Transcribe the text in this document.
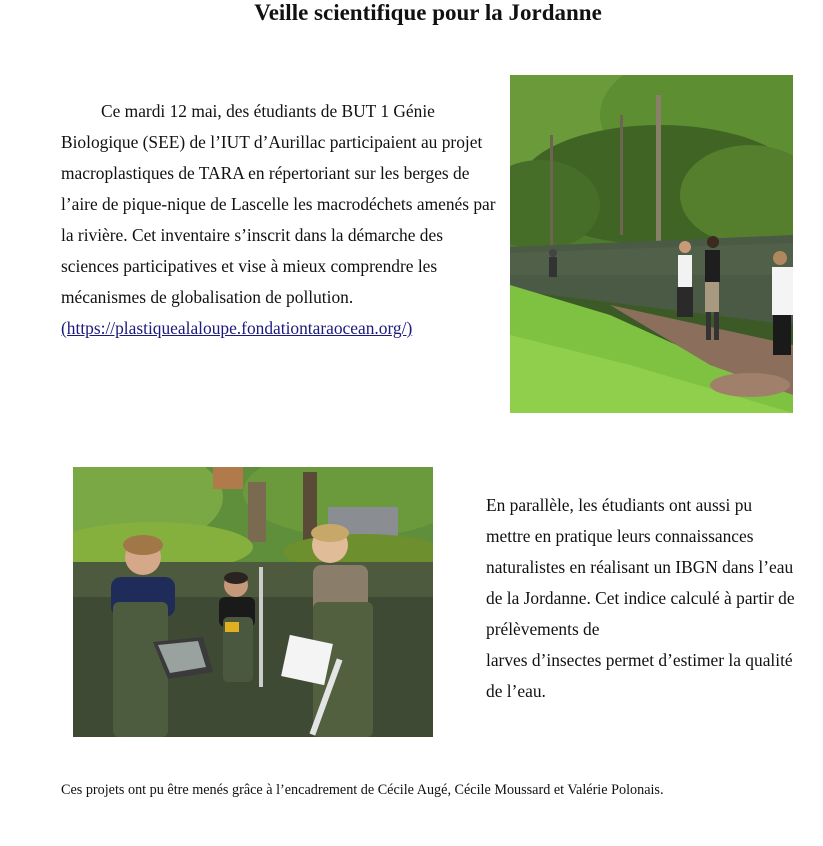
Veille scientifique pour la Jordanne

Ce mardi 12 mai, des étudiants de BUT 1 Génie Biologique (SEE) de l’IUT d’Aurillac participaient au projet macroplastiques de TARA en répertoriant sur les berges de l’aire de pique-nique de Lascelle les macrodéchets amenés par la rivière. Cet inventaire s’inscrit dans la démarche des sciences participatives et vise à mieux comprendre les mécanismes de globalisation de pollution.
(https://plastiquealaloupe.fondationtaraocean.org/)

En parallèle, les étudiants ont aussi pu mettre en pratique leurs connaissances naturalistes en réalisant un IBGN dans l’eau de la Jordanne. Cet indice calculé à partir de prélèvements de
larves d’insectes permet d’estimer la qualité de l’eau.

Ces projets ont pu être menés grâce à l’encadrement de Cécile Augé, Cécile Moussard et Valérie Polonais.
